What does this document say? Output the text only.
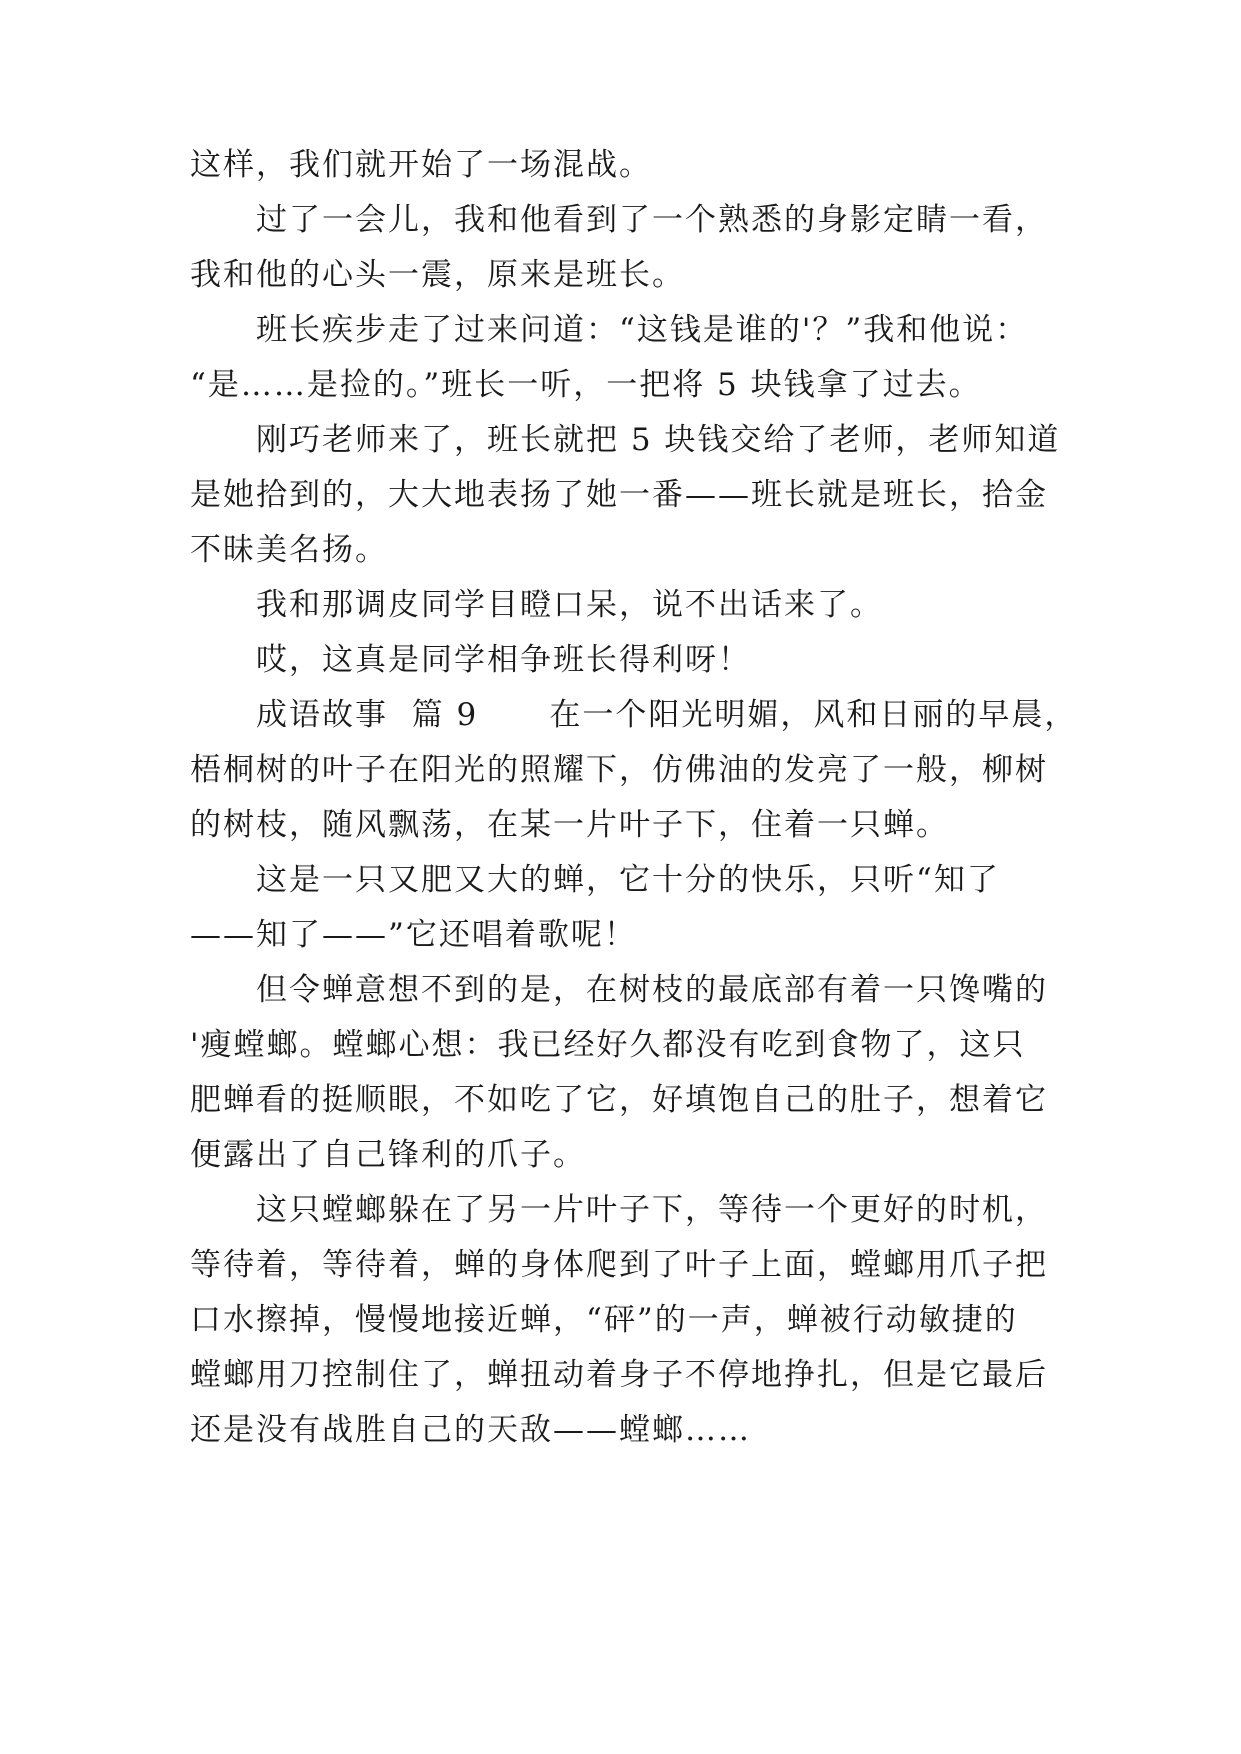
这样，我们就开始了一场混战。
过了一会儿，我和他看到了一个熟悉的身影定睛一看，
我和他的心头一震，原来是班长。
班长疾步走了过来问道：“这钱是谁的'？”我和他说：
“是……是捡的。”班长一听，一把将 5 块钱拿了过去。
刚巧老师来了，班长就把 5 块钱交给了老师，老师知道
是她拾到的，大大地表扬了她一番——班长就是班长，拾金
不昧美名扬。
我和那调皮同学目瞪口呆，说不出话来了。
哎，这真是同学相争班长得利呀！
成语故事  篇 9      在一个阳光明媚，风和日丽的早晨，
梧桐树的叶子在阳光的照耀下，仿佛油的发亮了一般，柳树
的树枝，随风飘荡，在某一片叶子下，住着一只蝉。
这是一只又肥又大的蝉，它十分的快乐，只听“知了
——知了——”它还唱着歌呢！
但令蝉意想不到的是，在树枝的最底部有着一只馋嘴的
'瘦螳螂。螳螂心想：我已经好久都没有吃到食物了，这只
肥蝉看的挺顺眼，不如吃了它，好填饱自己的肚子，想着它
便露出了自己锋利的爪子。
这只螳螂躲在了另一片叶子下，等待一个更好的时机，
等待着，等待着，蝉的身体爬到了叶子上面，螳螂用爪子把
口水擦掉，慢慢地接近蝉，“砰”的一声，蝉被行动敏捷的
螳螂用刀控制住了，蝉扭动着身子不停地挣扎，但是它最后
还是没有战胜自己的天敌——螳螂……
